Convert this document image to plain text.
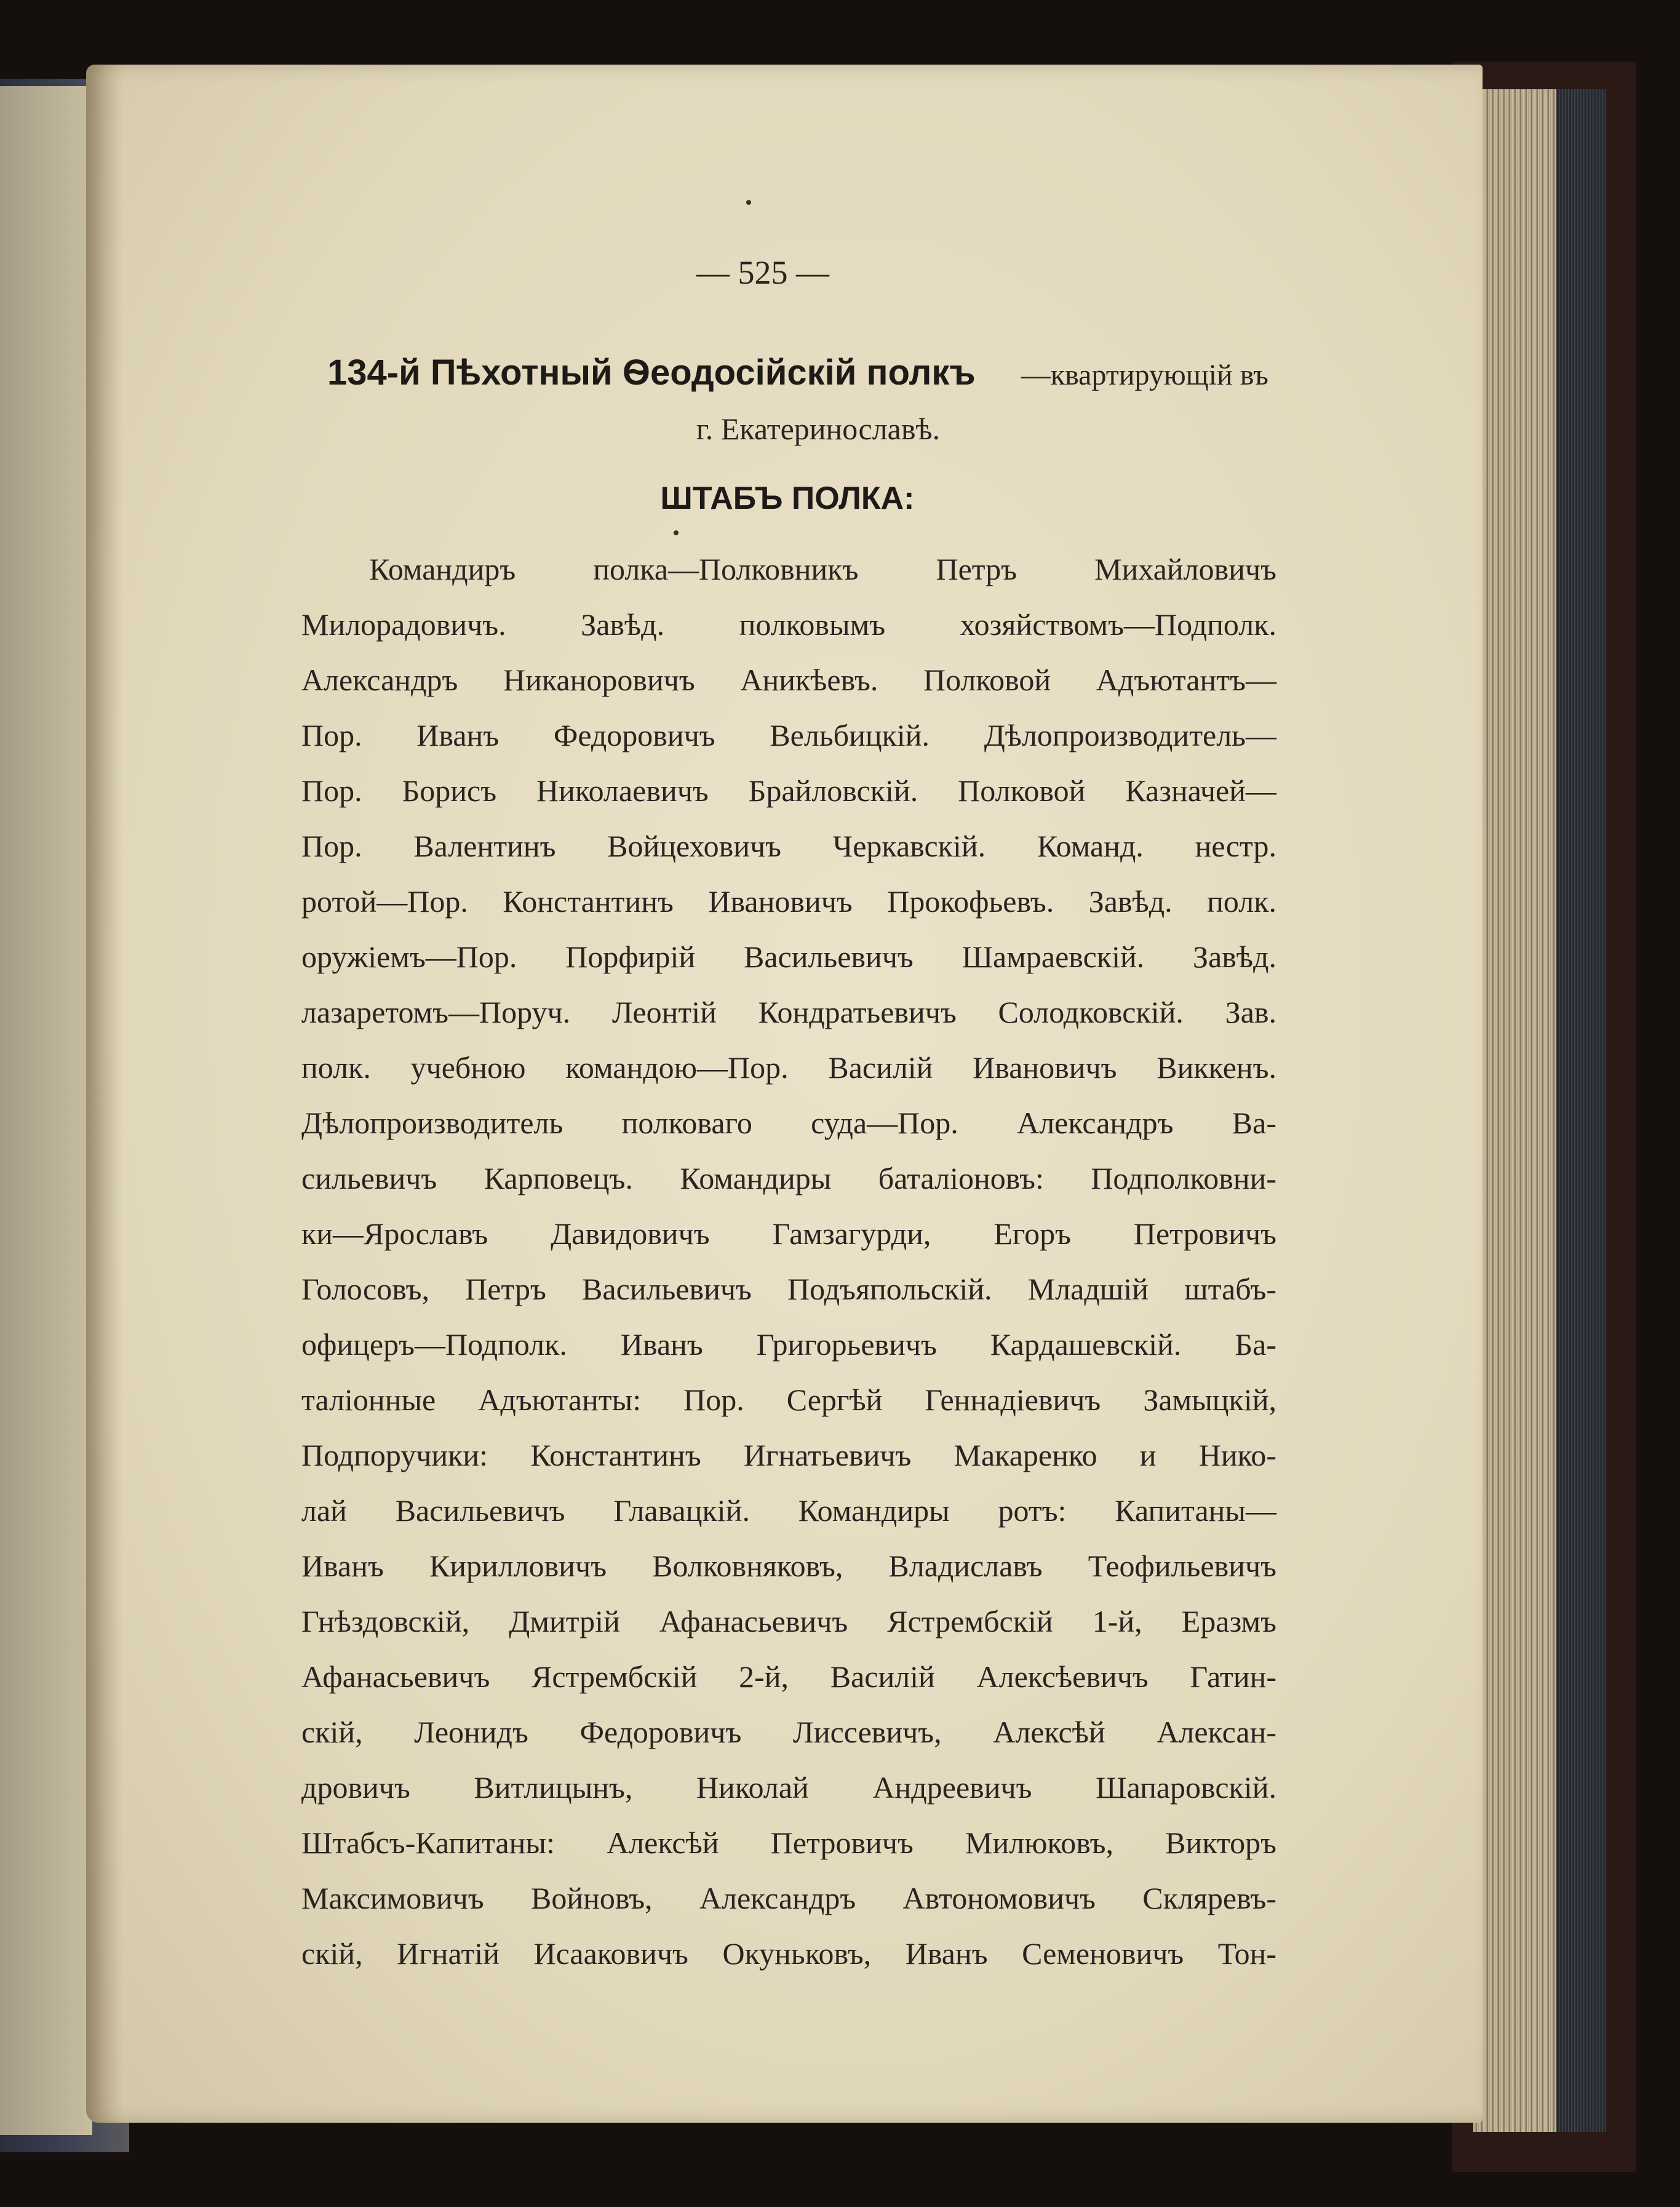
— 525 —
134-й Пѣхотный Ѳеодосійскій полкъ —квартирующій въ
г. Екатеринославѣ.
ШТАБЪ ПОЛКА:
Командиръ полка—Полковникъ Петръ Михайловичъ
Милорадовичъ. Завѣд. полковымъ хозяйствомъ—Подполк.
Александръ Никаноровичъ Аникѣевъ. Полковой Адъютантъ—
Пор. Иванъ Федоровичъ Вельбицкій. Дѣлопроизводитель—
Пор. Борисъ Николаевичъ Брайловскій. Полковой Казначей—
Пор. Валентинъ Войцеховичъ Черкавскій. Команд. нестр.
ротой—Пор. Константинъ Ивановичъ Прокофьевъ. Завѣд. полк.
оружіемъ—Пор. Порфирій Васильевичъ Шамраевскій. Завѣд.
лазаретомъ—Поруч. Леонтій Кондратьевичъ Солодковскій. Зав.
полк. учебною командою—Пор. Василій Ивановичъ Виккенъ.
Дѣлопроизводитель полковаго суда—Пор. Александръ Ва-
сильевичъ Карповецъ. Командиры баталіоновъ: Подполковни-
ки—Ярославъ Давидовичъ Гамзагурди, Егоръ Петровичъ
Голосовъ, Петръ Васильевичъ Подъяпольскій. Младшій штабъ-
офицеръ—Подполк. Иванъ Григорьевичъ Кардашевскій. Ба-
таліонные Адъютанты: Пор. Сергѣй Геннадіевичъ Замыцкій,
Подпоручики: Константинъ Игнатьевичъ Макаренко и Нико-
лай Васильевичъ Главацкій. Командиры ротъ: Капитаны—
Иванъ Кирилловичъ Волковняковъ, Владиславъ Теофильевичъ
Гнѣздовскій, Дмитрій Афанасьевичъ Ястрембскій 1-й, Еразмъ
Афанасьевичъ Ястрембскій 2-й, Василій Алексѣевичъ Гатин-
скій, Леонидъ Федоровичъ Лиссевичъ, Алексѣй Алексан-
дровичъ Витлицынъ, Николай Андреевичъ Шапаровскій.
Штабсъ-Капитаны: Алексѣй Петровичъ Милюковъ, Викторъ
Максимовичъ Войновъ, Александръ Автономовичъ Скляревъ-
скій, Игнатій Исааковичъ Окуньковъ, Иванъ Семеновичъ Тон-
